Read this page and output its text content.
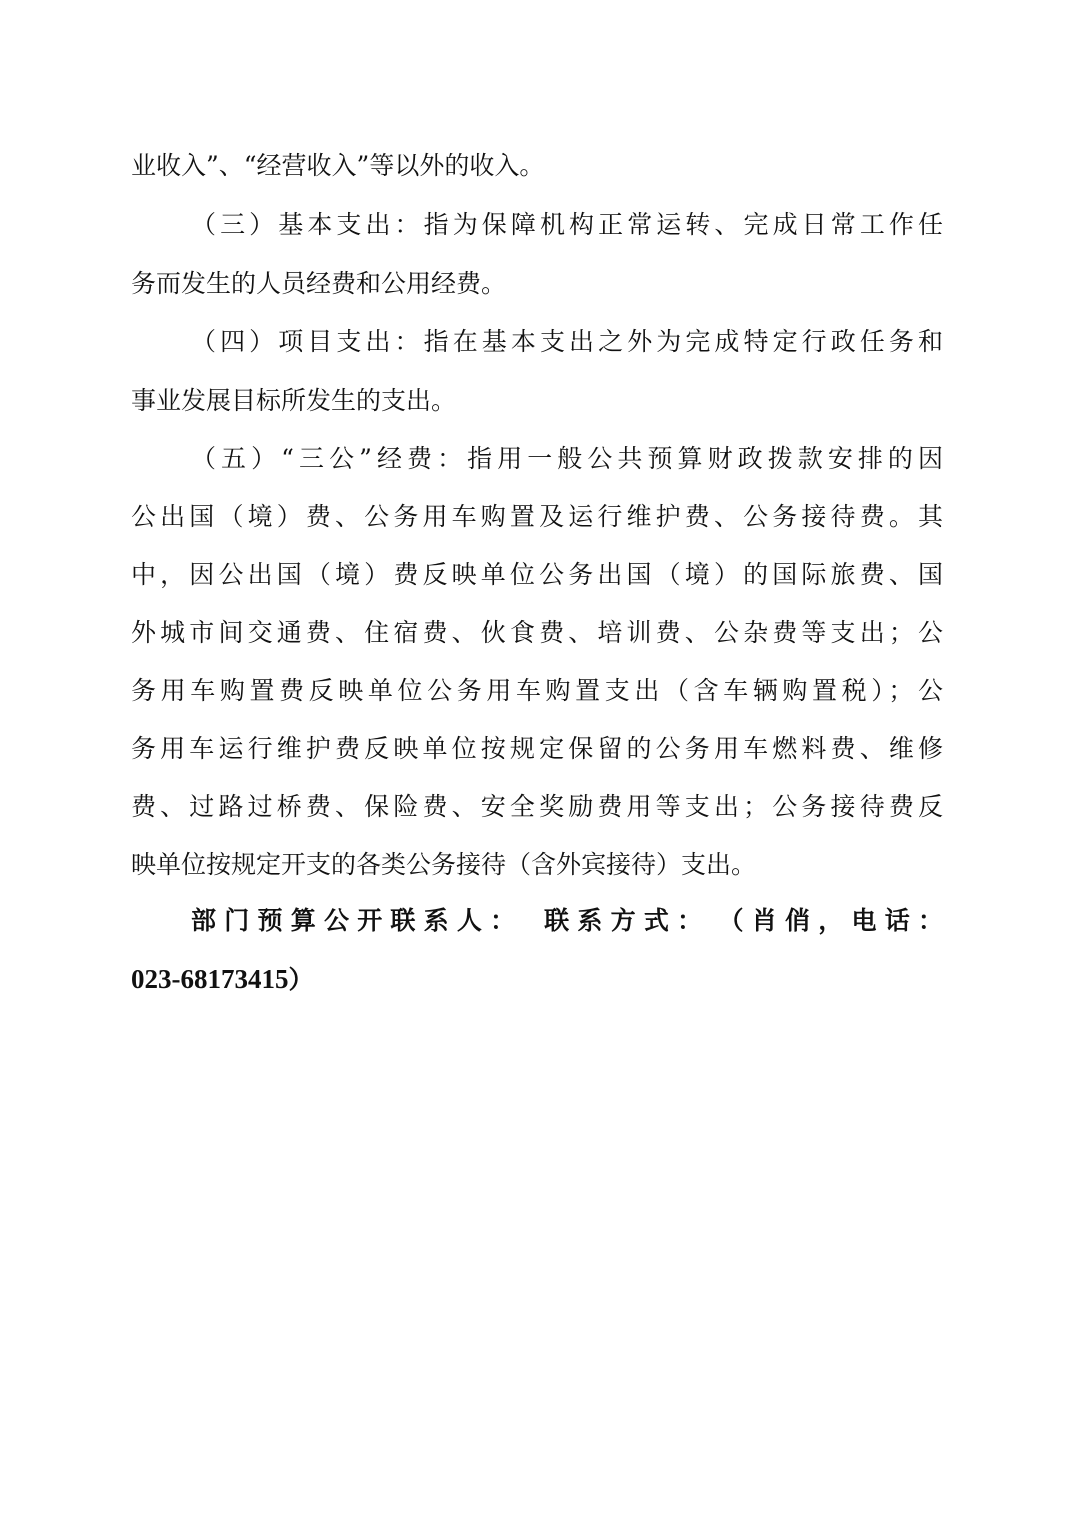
业收入”、“经营收入”等以外的收入。
（三）基本支出：指为保障机构正常运转、完成日常工作任
务而发生的人员经费和公用经费。
（四）项目支出：指在基本支出之外为完成特定行政任务和
事业发展目标所发生的支出。
（五）“三公”经费：指用一般公共预算财政拨款安排的因
公出国（境）费、公务用车购置及运行维护费、公务接待费。其
中，因公出国（境）费反映单位公务出国（境）的国际旅费、国
外城市间交通费、住宿费、伙食费、培训费、公杂费等支出；公
务用车购置费反映单位公务用车购置支出（含车辆购置税）；公
务用车运行维护费反映单位按规定保留的公务用车燃料费、维修
费、过路过桥费、保险费、安全奖励费用等支出；公务接待费反
映单位按规定开支的各类公务接待（含外宾接待）支出。
部门预算公开联系人：　联系方式：　（肖俏，电话：
023-68173415）
